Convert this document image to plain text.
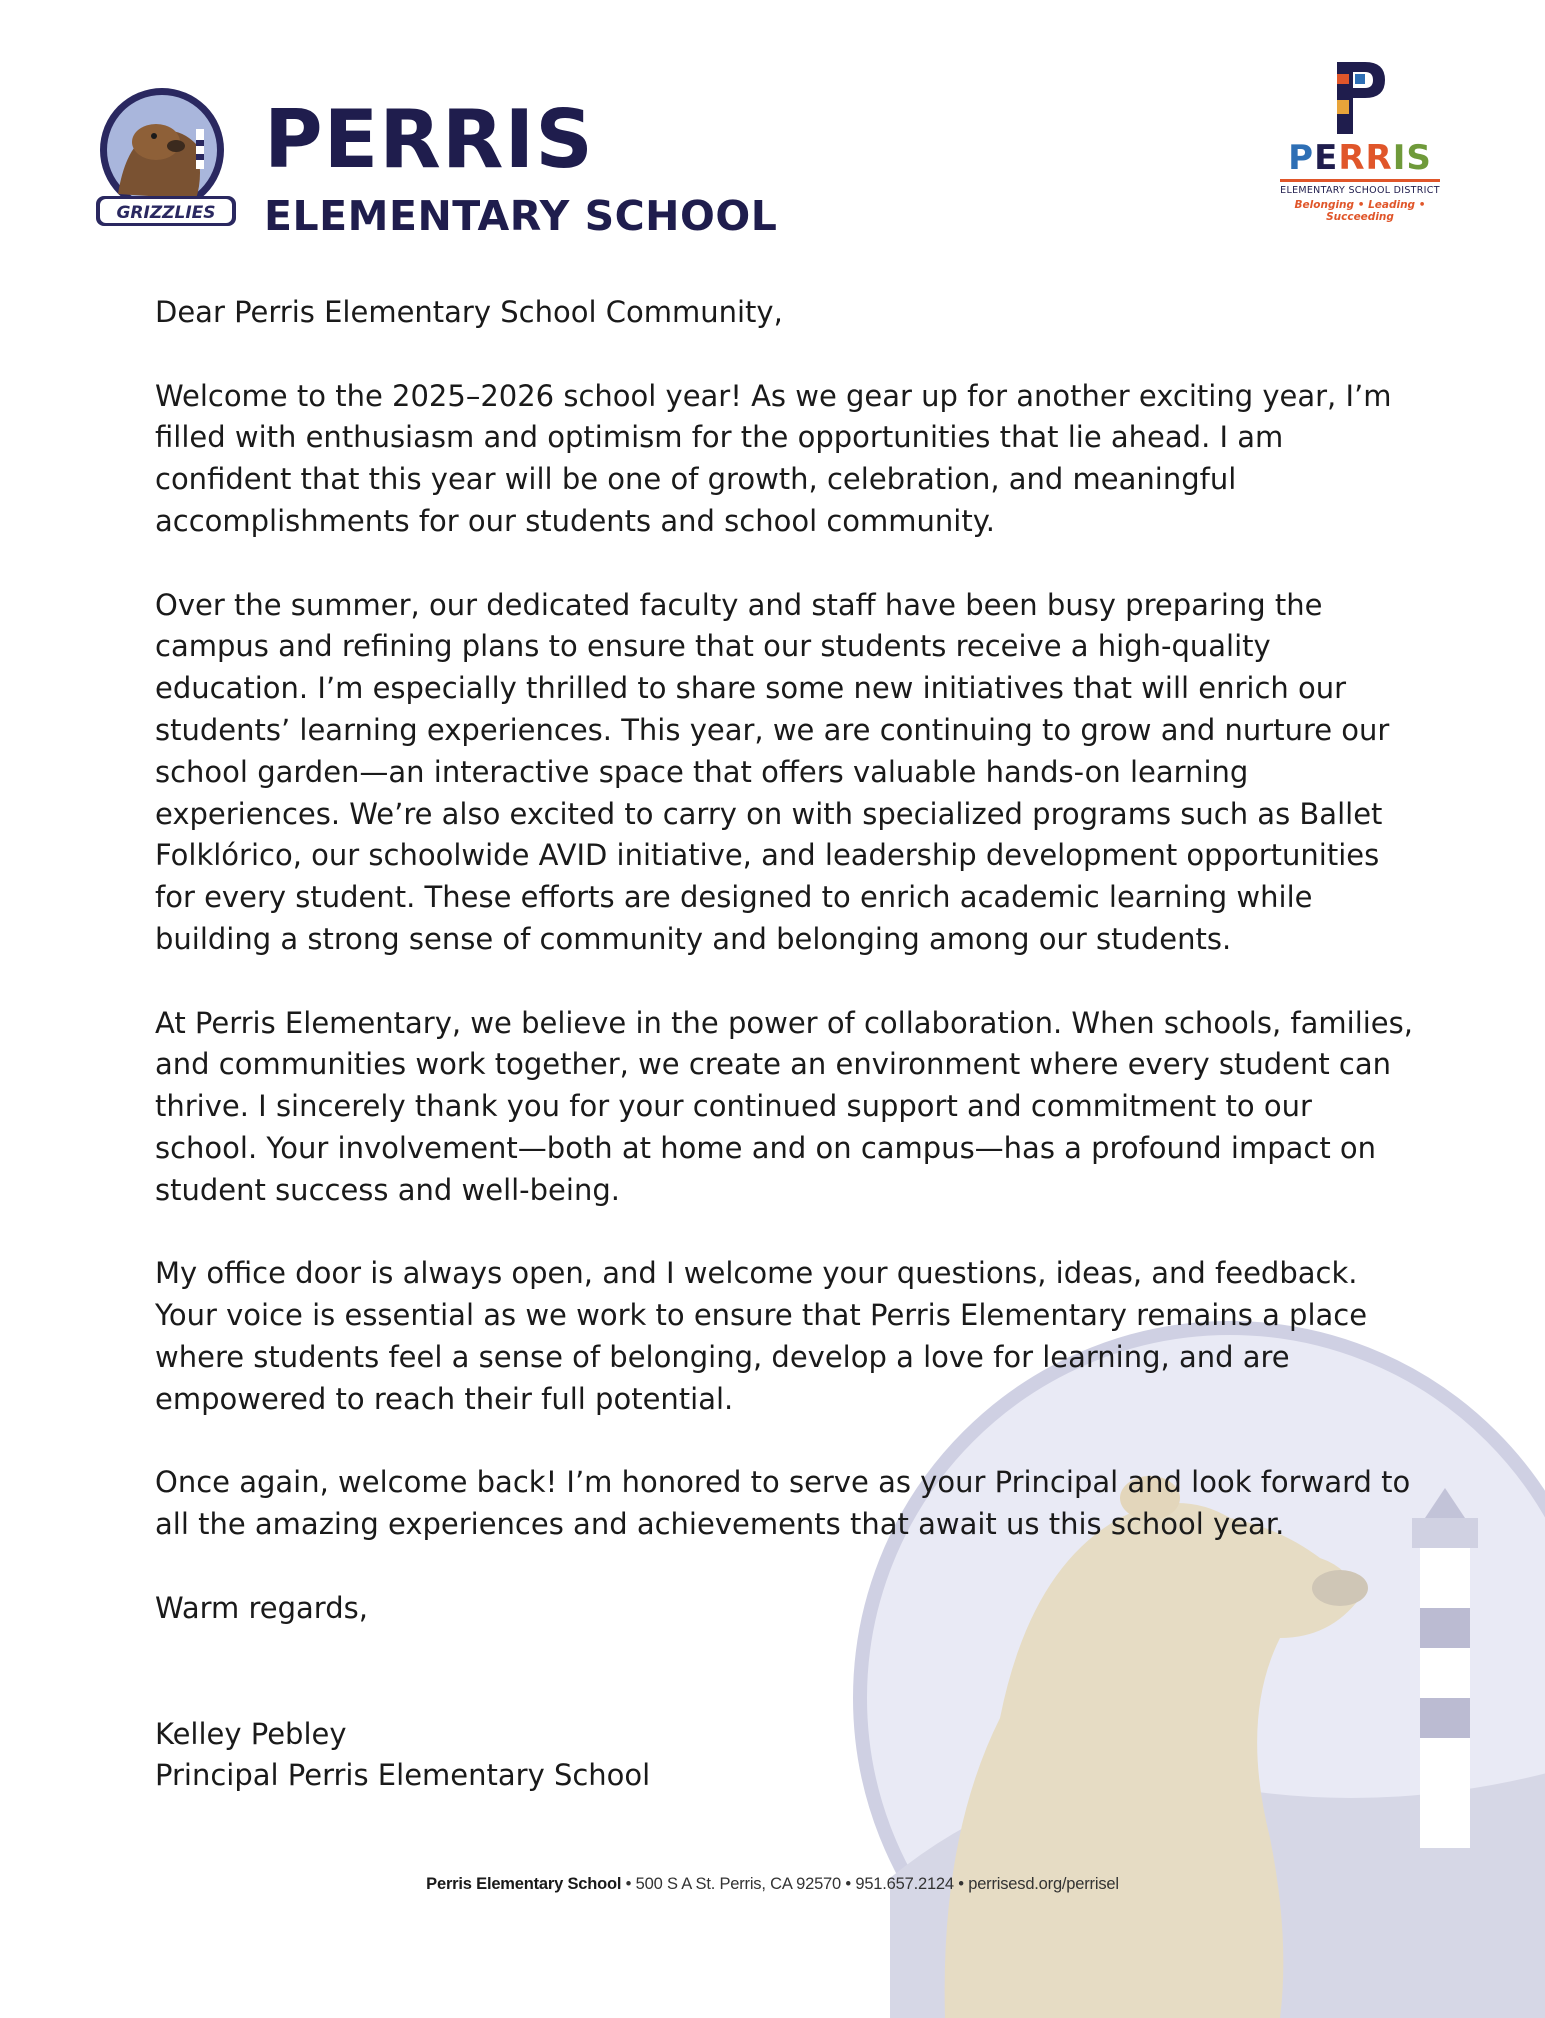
GRIZZLIES
PERRIS
ELEMENTARY SCHOOL
PERRIS
ELEMENTARY SCHOOL DISTRICT
Belonging • Leading • Succeeding

Dear Perris Elementary School Community,

Welcome to the 2025–2026 school year! As we gear up for another exciting year, I’m filled with enthusiasm and optimism for the opportunities that lie ahead. I am confident that this year will be one of growth, celebration, and meaningful accomplishments for our students and school community.

Over the summer, our dedicated faculty and staff have been busy preparing the campus and refining plans to ensure that our students receive a high-quality education. I’m especially thrilled to share some new initiatives that will enrich our students’ learning experiences. This year, we are continuing to grow and nurture our school garden—an interactive space that offers valuable hands-on learning experiences. We’re also excited to carry on with specialized programs such as Ballet Folklórico, our schoolwide AVID initiative, and leadership development opportunities for every student. These efforts are designed to enrich academic learning while building a strong sense of community and belonging among our students.

At Perris Elementary, we believe in the power of collaboration. When schools, families, and communities work together, we create an environment where every student can thrive. I sincerely thank you for your continued support and commitment to our school. Your involvement—both at home and on campus—has a profound impact on student success and well-being.

My office door is always open, and I welcome your questions, ideas, and feedback. Your voice is essential as we work to ensure that Perris Elementary remains a place where students feel a sense of belonging, develop a love for learning, and are empowered to reach their full potential.

Once again, welcome back! I’m honored to serve as your Principal and look forward to all the amazing experiences and achievements that await us this school year.

Warm regards,

Kelley Pebley

Principal Perris Elementary School

Perris Elementary School • 500 S A St. Perris, CA 92570 • 951.657.2124 • perrisesd.org/perrisel
